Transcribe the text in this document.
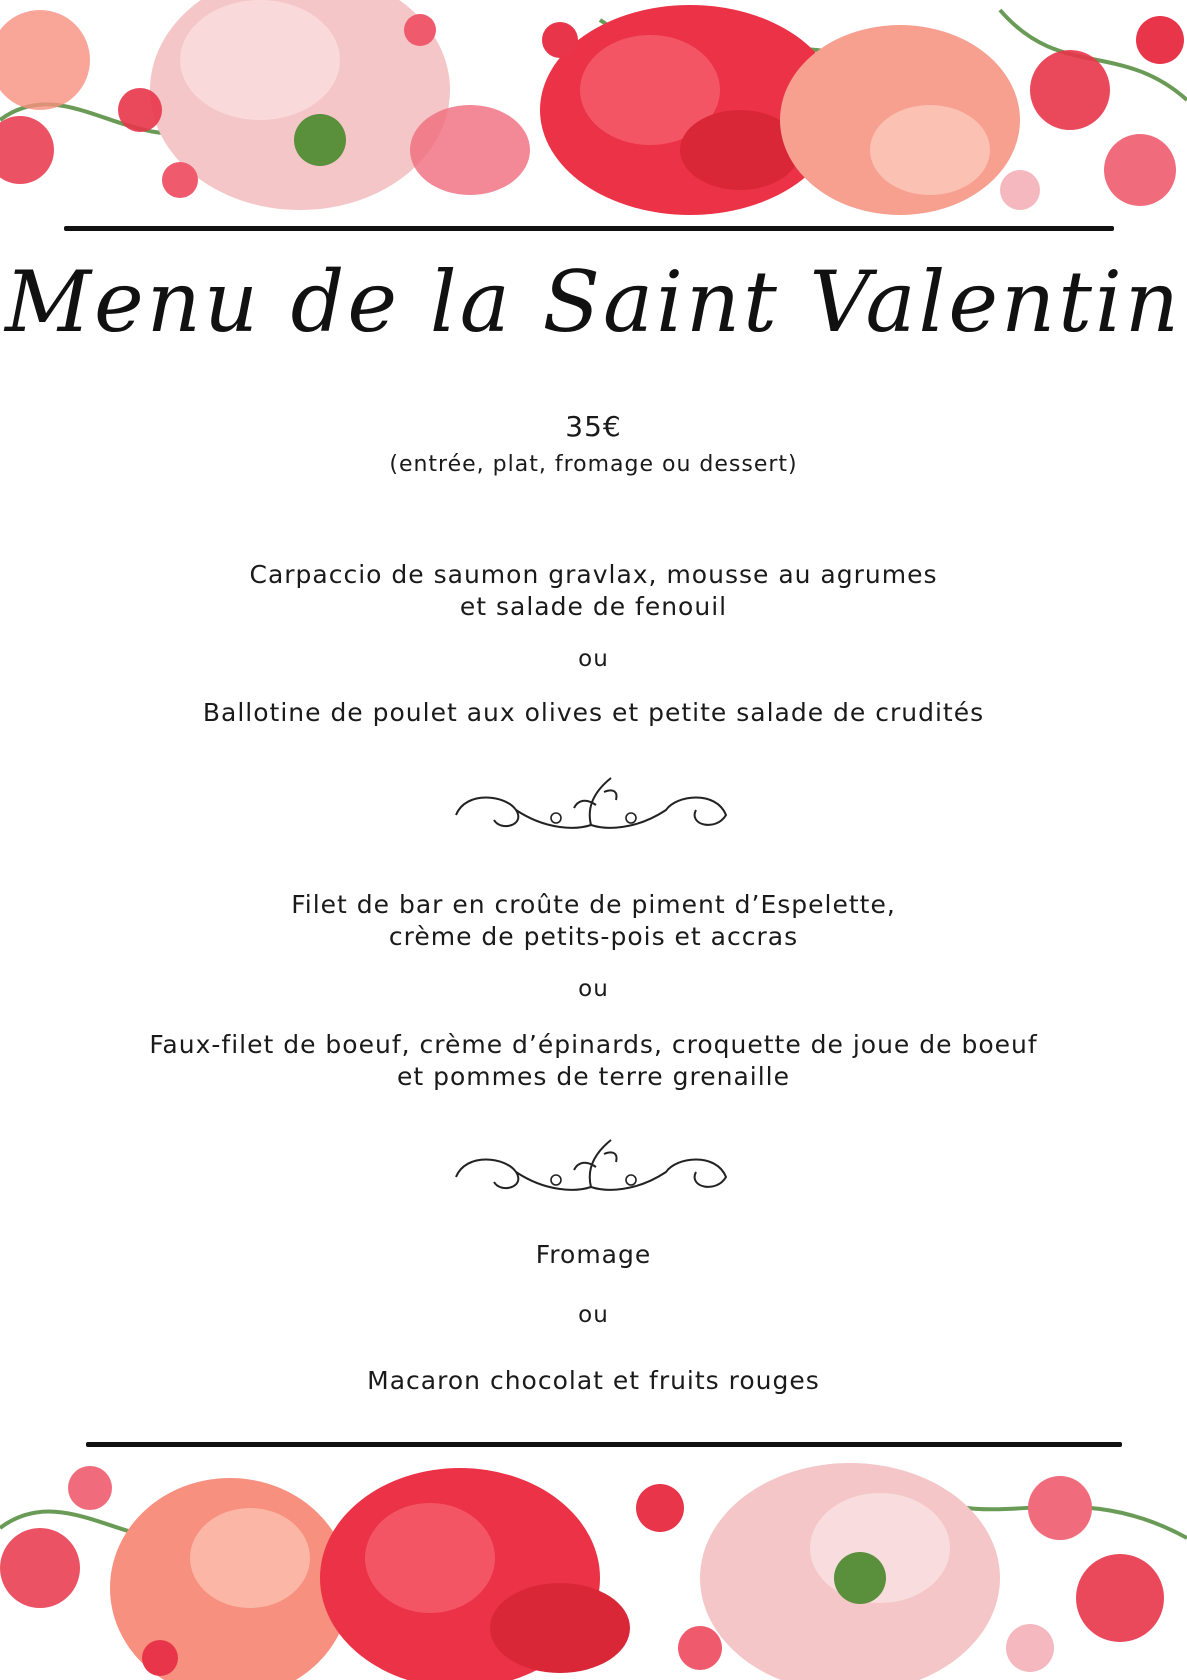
Menu de la Saint Valentin
35€
(entrée, plat, fromage ou dessert)
Carpaccio de saumon gravlax, mousse au agrumes
et salade de fenouil
ou
Ballotine de poulet aux olives et petite salade de crudités
Filet de bar en croûte de piment d’Espelette,
crème de petits-pois et accras
ou
Faux-filet de boeuf, crème d’épinards, croquette de joue de boeuf
et pommes de terre grenaille
Fromage
ou
Macaron chocolat et fruits rouges
